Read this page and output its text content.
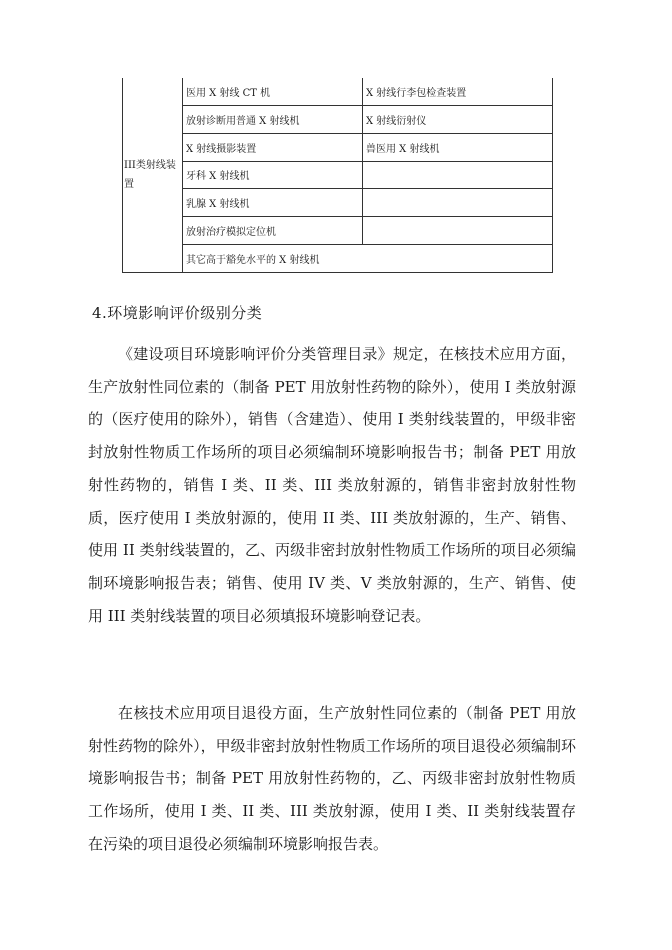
III类射线装置	医用 X 射线 CT 机	X 射线行李包检查装置
	放射诊断用普通 X 射线机	X 射线衍射仪
	X 射线摄影装置	兽医用 X 射线机
	牙科 X 射线机	
	乳腺 X 射线机	
	放射治疗模拟定位机	
	其它高于豁免水平的 X 射线机	
4.环境影响评价级别分类

《建设项目环境影响评价分类管理目录》规定，在核技术应用方面，生产放射性同位素的（制备 PET 用放射性药物的除外），使用 I 类放射源的（医疗使用的除外），销售（含建造）、使用 I 类射线装置的，甲级非密封放射性物质工作场所的项目必须编制环境影响报告书；制备 PET 用放射性药物的，销售 I 类、II 类、III 类放射源的，销售非密封放射性物质，医疗使用 I 类放射源的，使用 II 类、III 类放射源的，生产、销售、使用 II 类射线装置的，乙、丙级非密封放射性物质工作场所的项目必须编制环境影响报告表；销售、使用 IV 类、V 类放射源的，生产、销售、使用 III 类射线装置的项目必须填报环境影响登记表。

在核技术应用项目退役方面，生产放射性同位素的（制备 PET 用放射性药物的除外），甲级非密封放射性物质工作场所的项目退役必须编制环境影响报告书；制备 PET 用放射性药物的，乙、丙级非密封放射性物质工作场所，使用 I 类、II 类、III 类放射源，使用 I 类、II 类射线装置存在污染的项目退役必须编制环境影响报告表。
